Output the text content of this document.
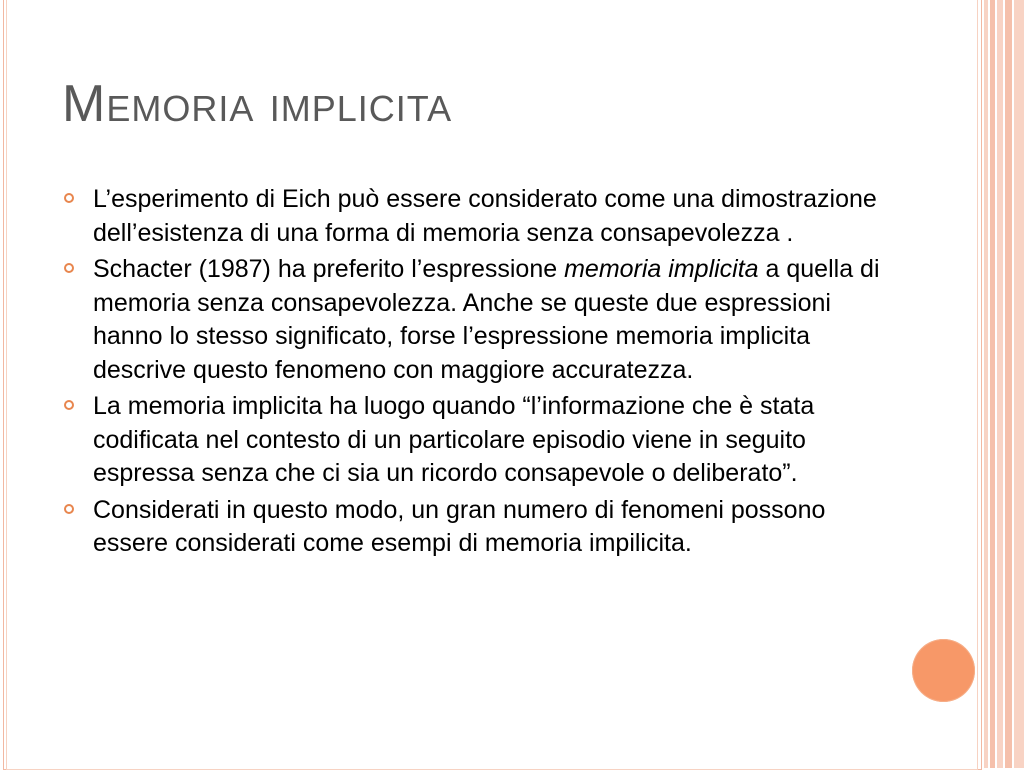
Memoria implicita
L’esperimento di Eich può essere considerato come una dimostrazione dell’esistenza di una forma di memoria senza consapevolezza .
Schacter (1987) ha preferito l’espressione memoria implicita a quella di memoria senza consapevolezza. Anche se queste due espressioni hanno lo stesso significato, forse l’espressione memoria implicita descrive questo fenomeno con maggiore accuratezza.
La memoria implicita ha luogo quando “l’informazione che è stata codificata nel contesto di un particolare episodio viene in seguito espressa senza che ci sia un ricordo consapevole o deliberato”.
Considerati in questo modo, un gran numero di fenomeni possono essere considerati come esempi di memoria impilicita.
